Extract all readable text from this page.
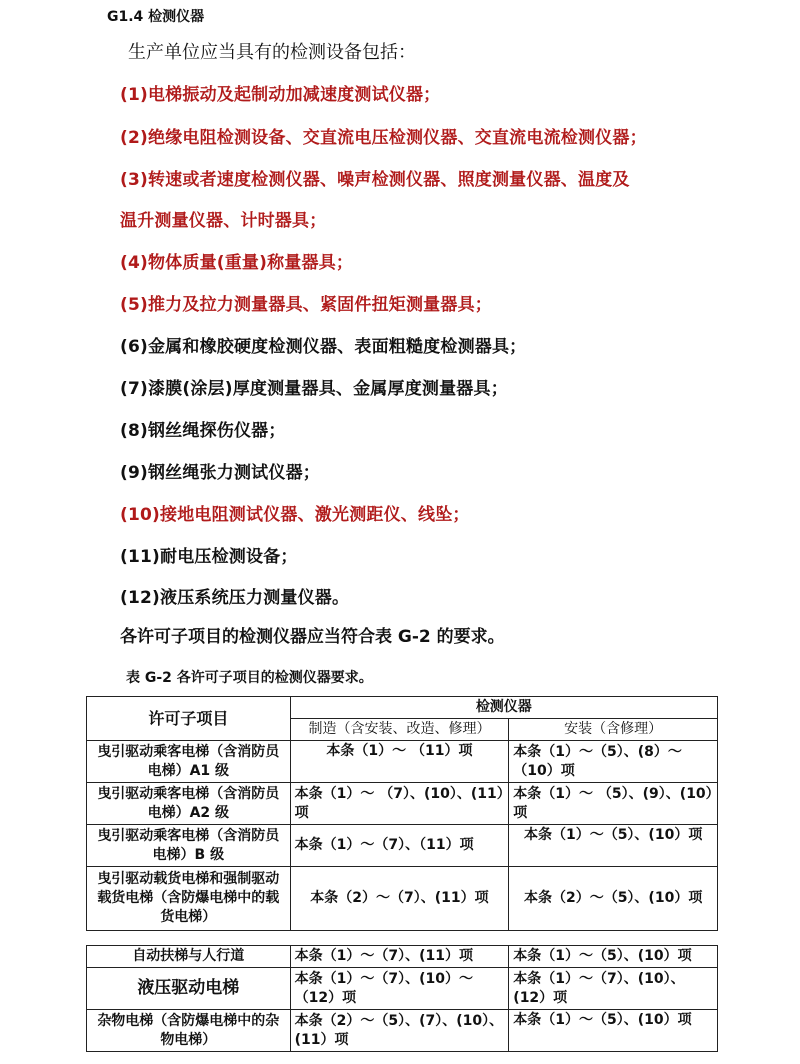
G1.4 检测仪器
生产单位应当具有的检测设备包括：
(1)电梯振动及起制动加减速度测试仪器；
(2)绝缘电阻检测设备、交直流电压检测仪器、交直流电流检测仪器；
(3)转速或者速度检测仪器、噪声检测仪器、照度测量仪器、温度及
温升测量仪器、计时器具；
(4)物体质量(重量)称量器具；
(5)推力及拉力测量器具、紧固件扭矩测量器具；
(6)金属和橡胶硬度检测仪器、表面粗糙度检测器具；
(7)漆膜(涂层)厚度测量器具、金属厚度测量器具；
(8)钢丝绳探伤仪器；
(9)钢丝绳张力测试仪器；
(10)接地电阻测试仪器、激光测距仪、线坠；
(11)耐电压检测设备；
(12)液压系统压力测量仪器。
各许可子项目的检测仪器应当符合表 G-2 的要求。
表 G-2 各许可子项目的检测仪器要求。
许可子项目	检测仪器	
	制造（含安装、改造、修理）	安装（含修理）
曳引驱动乘客电梯（含消防员电梯）A1 级	本条（1）～ （11）项	本条（1）～（5）、(8）～（10）项
曳引驱动乘客电梯（含消防员电梯）A2 级	本条（1）～ （7）、(10）、(11）项	本条（1）～ （5）、(9）、(10）项
曳引驱动乘客电梯（含消防员电梯）B 级	本条（1）～（7）、（11）项	本条（1）～（5）、(10）项
曳引驱动载货电梯和强制驱动载货电梯（含防爆电梯中的载货电梯）	本条（2）～（7）、(11）项	本条（2）～（5）、(10）项
自动扶梯与人行道	本条（1）～（7）、(11）项	本条（1）～（5）、(10）项
液压驱动电梯	本条（1）～（7）、(10）～（12）项	本条（1）～（7）、(10）、(12）项
杂物电梯（含防爆电梯中的杂物电梯）	本条（2）～（5）、(7）、(10）、(11）项	本条（1）～（5）、(10）项
